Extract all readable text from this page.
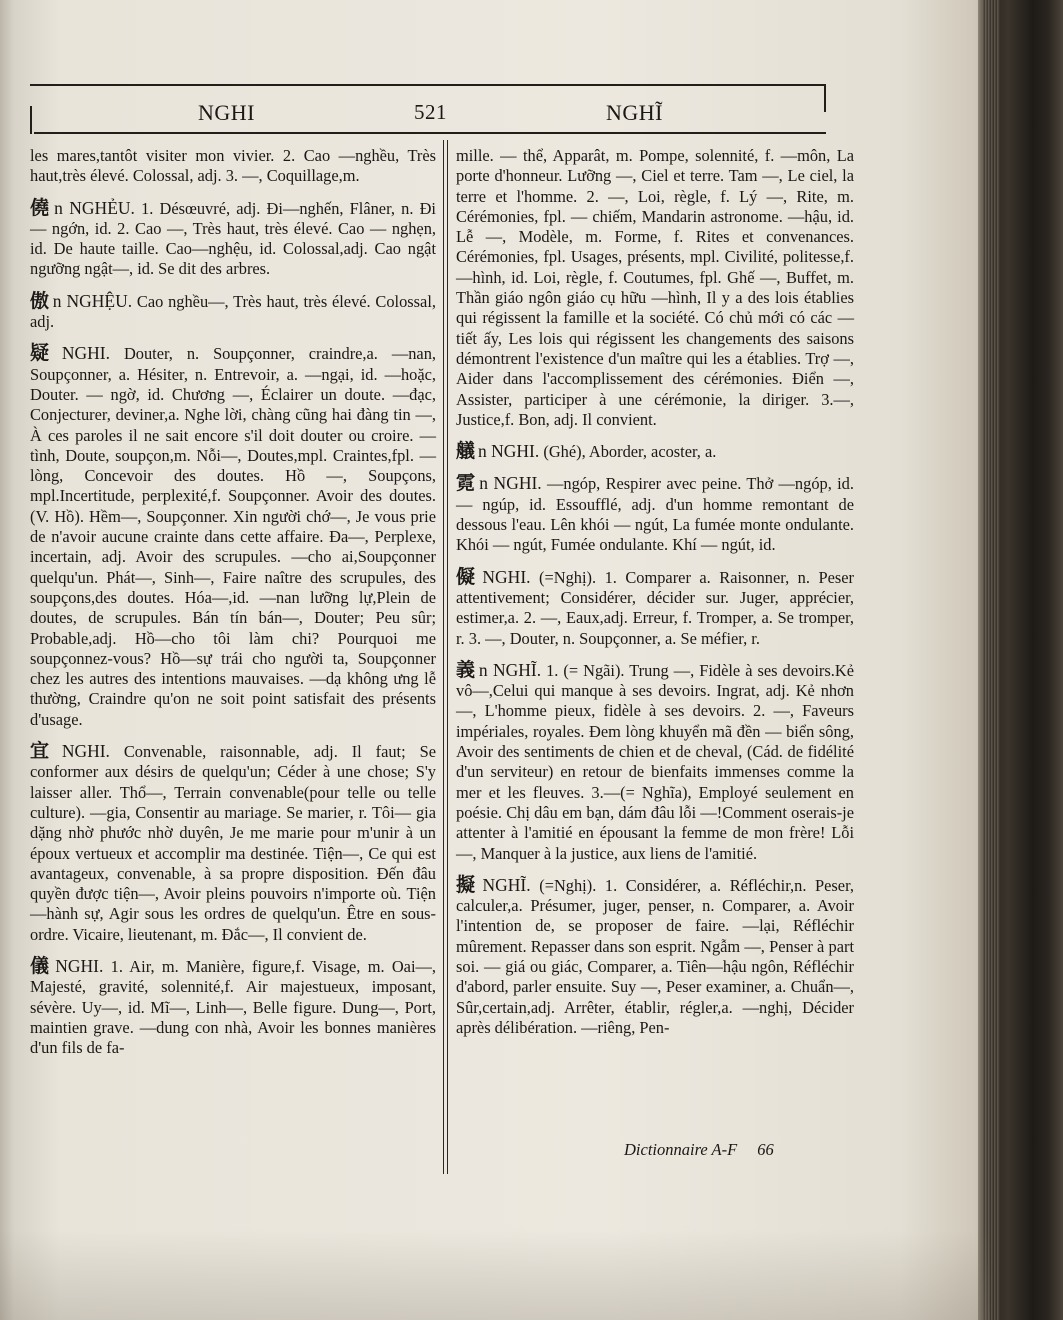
NGHI	521	NGHĨ

les mares,tantôt visiter mon vivier. 2. Cao —nghều, Très haut,très élevé. Colossal, adj. 3. —, Coquillage,m.

僥 n NGHẺU. 1. Désœuvré, adj. Đi—nghến, Flâner, n. Đi — ngớn, id. 2. Cao —, Très haut, très élevé. Cao — nghẹn, id. De haute taille. Cao—nghệu, id. Colossal,adj. Cao ngật ngưỡng ngật—, id. Se dit des arbres.

傲 n NGHỆU. Cao nghều—, Très haut, très élevé. Colossal, adj.

疑 NGHI. Douter, n. Soupçonner, craindre,a. —nan, Soupçonner, a. Hésiter, n. Entrevoir, a. —ngại, id. —hoặc, Douter. — ngờ, id. Chương —, Éclairer un doute. —đạc, Conjecturer, deviner,a. Nghe lời, chàng cũng hai đàng tin —, À ces paroles il ne sait encore s'il doit douter ou croire. —tình, Doute, soupçon,m. Nỗi—, Doutes,mpl. Craintes,fpl. —lòng, Concevoir des doutes. Hồ —, Soupçons, mpl.Incertitude, perplexité,f. Soupçonner. Avoir des doutes. (V. Hồ). Hềm—, Soupçonner. Xin người chớ—, Je vous prie de n'avoir aucune crainte dans cette affaire. Đa—, Perplexe, incertain, adj. Avoir des scrupules. —cho ai,Soupçonner quelqu'un. Phát—, Sinh—, Faire naître des scrupules, des soupçons,des doutes. Hóa—,id. —nan lưỡng lự,Plein de doutes, de scrupules. Bán tín bán—, Douter; Peu sûr; Probable,adj. Hồ—cho tôi làm chi? Pourquoi me soupçonnez-vous? Hồ—sự trái cho người ta, Soupçonner chez les autres des intentions mauvaises. —dạ không ưng lễ thường, Craindre qu'on ne soit point satisfait des présents d'usage.

宜 NGHI. Convenable, raisonnable, adj. Il faut; Se conformer aux désirs de quelqu'un; Céder à une chose; S'y laisser aller. Thổ—, Terrain convenable(pour telle ou telle culture). —gia, Consentir au mariage. Se marier, r. Tôi— gia dặng nhờ phước nhờ duyên, Je me marie pour m'unir à un époux vertueux et accomplir ma destinée. Tiện—, Ce qui est avantageux, convenable, à sa propre disposition. Đến đâu quyền được tiện—, Avoir pleins pouvoirs n'importe où. Tiện—hành sự, Agir sous les ordres de quelqu'un. Être en sous-ordre. Vicaire, lieutenant, m. Đắc—, Il convient de.

儀 NGHI. 1. Air, m. Manière, figure,f. Visage, m. Oai—, Majesté, gravité, solennité,f. Air majestueux, imposant, sévère. Uy—, id. Mĩ—, Linh—, Belle figure. Dung—, Port, maintien grave. —dung con nhà, Avoir les bonnes manières d'un fils de fa-

mille. — thể, Apparât, m. Pompe, solennité, f. —môn, La porte d'honneur. Lưỡng —, Ciel et terre. Tam —, Le ciel, la terre et l'homme. 2. —, Loi, règle, f. Lý —, Rite, m. Cérémonies, fpl. — chiếm, Mandarin astronome. —hậu, id. Lễ —, Modèle, m. Forme, f. Rites et convenances. Cérémonies, fpl. Usages, présents, mpl. Civilité, politesse,f. —hình, id. Loi, règle, f. Coutumes, fpl. Ghế —, Buffet, m. Thần giáo ngôn giáo cụ hữu —hình, Il y a des lois établies qui régissent la famille et la société. Có chủ mới có các — tiết ấy, Les lois qui régissent les changements des saisons démontrent l'existence d'un maître qui les a établies. Trợ —, Aider dans l'accomplissement des cérémonies. Điển —, Assister, participer à une cérémonie, la diriger. 3.—, Justice,f. Bon, adj. Il convient.

艤 n NGHI. (Ghé), Aborder, acoster, a.

霓 n NGHI. —ngóp, Respirer avec peine. Thở —ngóp, id.— ngúp, id. Essoufflé, adj. d'un homme remontant de dessous l'eau. Lên khói — ngút, La fumée monte ondulante. Khói — ngút, Fumée ondulante. Khí — ngút, id.

儗 NGHI. (=Nghị). 1. Comparer a. Raisonner, n. Peser attentivement; Considérer, décider sur. Juger, apprécier, estimer,a. 2. —, Eaux,adj. Erreur, f. Tromper, a. Se tromper, r. 3. —, Douter, n. Soupçonner, a. Se méfier, r.

義 n NGHĨ. 1. (= Ngãi). Trung —, Fidèle à ses devoirs.Kẻ vô—,Celui qui manque à ses devoirs. Ingrat, adj. Kẻ nhơn —, L'homme pieux, fidèle à ses devoirs. 2. —, Faveurs impériales, royales. Đem lòng khuyển mã đền — biển sông, Avoir des sentiments de chien et de cheval, (Cád. de fidélité d'un serviteur) en retour de bienfaits immenses comme la mer et les fleuves. 3.—(= Nghĩa), Employé seulement en poésie. Chị dâu em bạn, dám đâu lỗi —!Comment oserais-je attenter à l'amitié en épousant la femme de mon frère! Lỗi —, Manquer à la justice, aux liens de l'amitié.

擬 NGHĨ. (=Nghị). 1. Considérer, a. Réfléchir,n. Peser, calculer,a. Présumer, juger, penser, n. Comparer, a. Avoir l'intention de, se proposer de faire. —lại, Réfléchir mûrement. Repasser dans son esprit. Ngẫm —, Penser à part soi. — giá ou giác, Comparer, a. Tiên—hậu ngôn, Réfléchir d'abord, parler ensuite. Suy —, Peser examiner, a. Chuẩn—, Sûr,certain,adj. Arrêter, établir, régler,a. —nghị, Décider après délibération. —riêng, Pen-

Dictionnaire A-F 66
